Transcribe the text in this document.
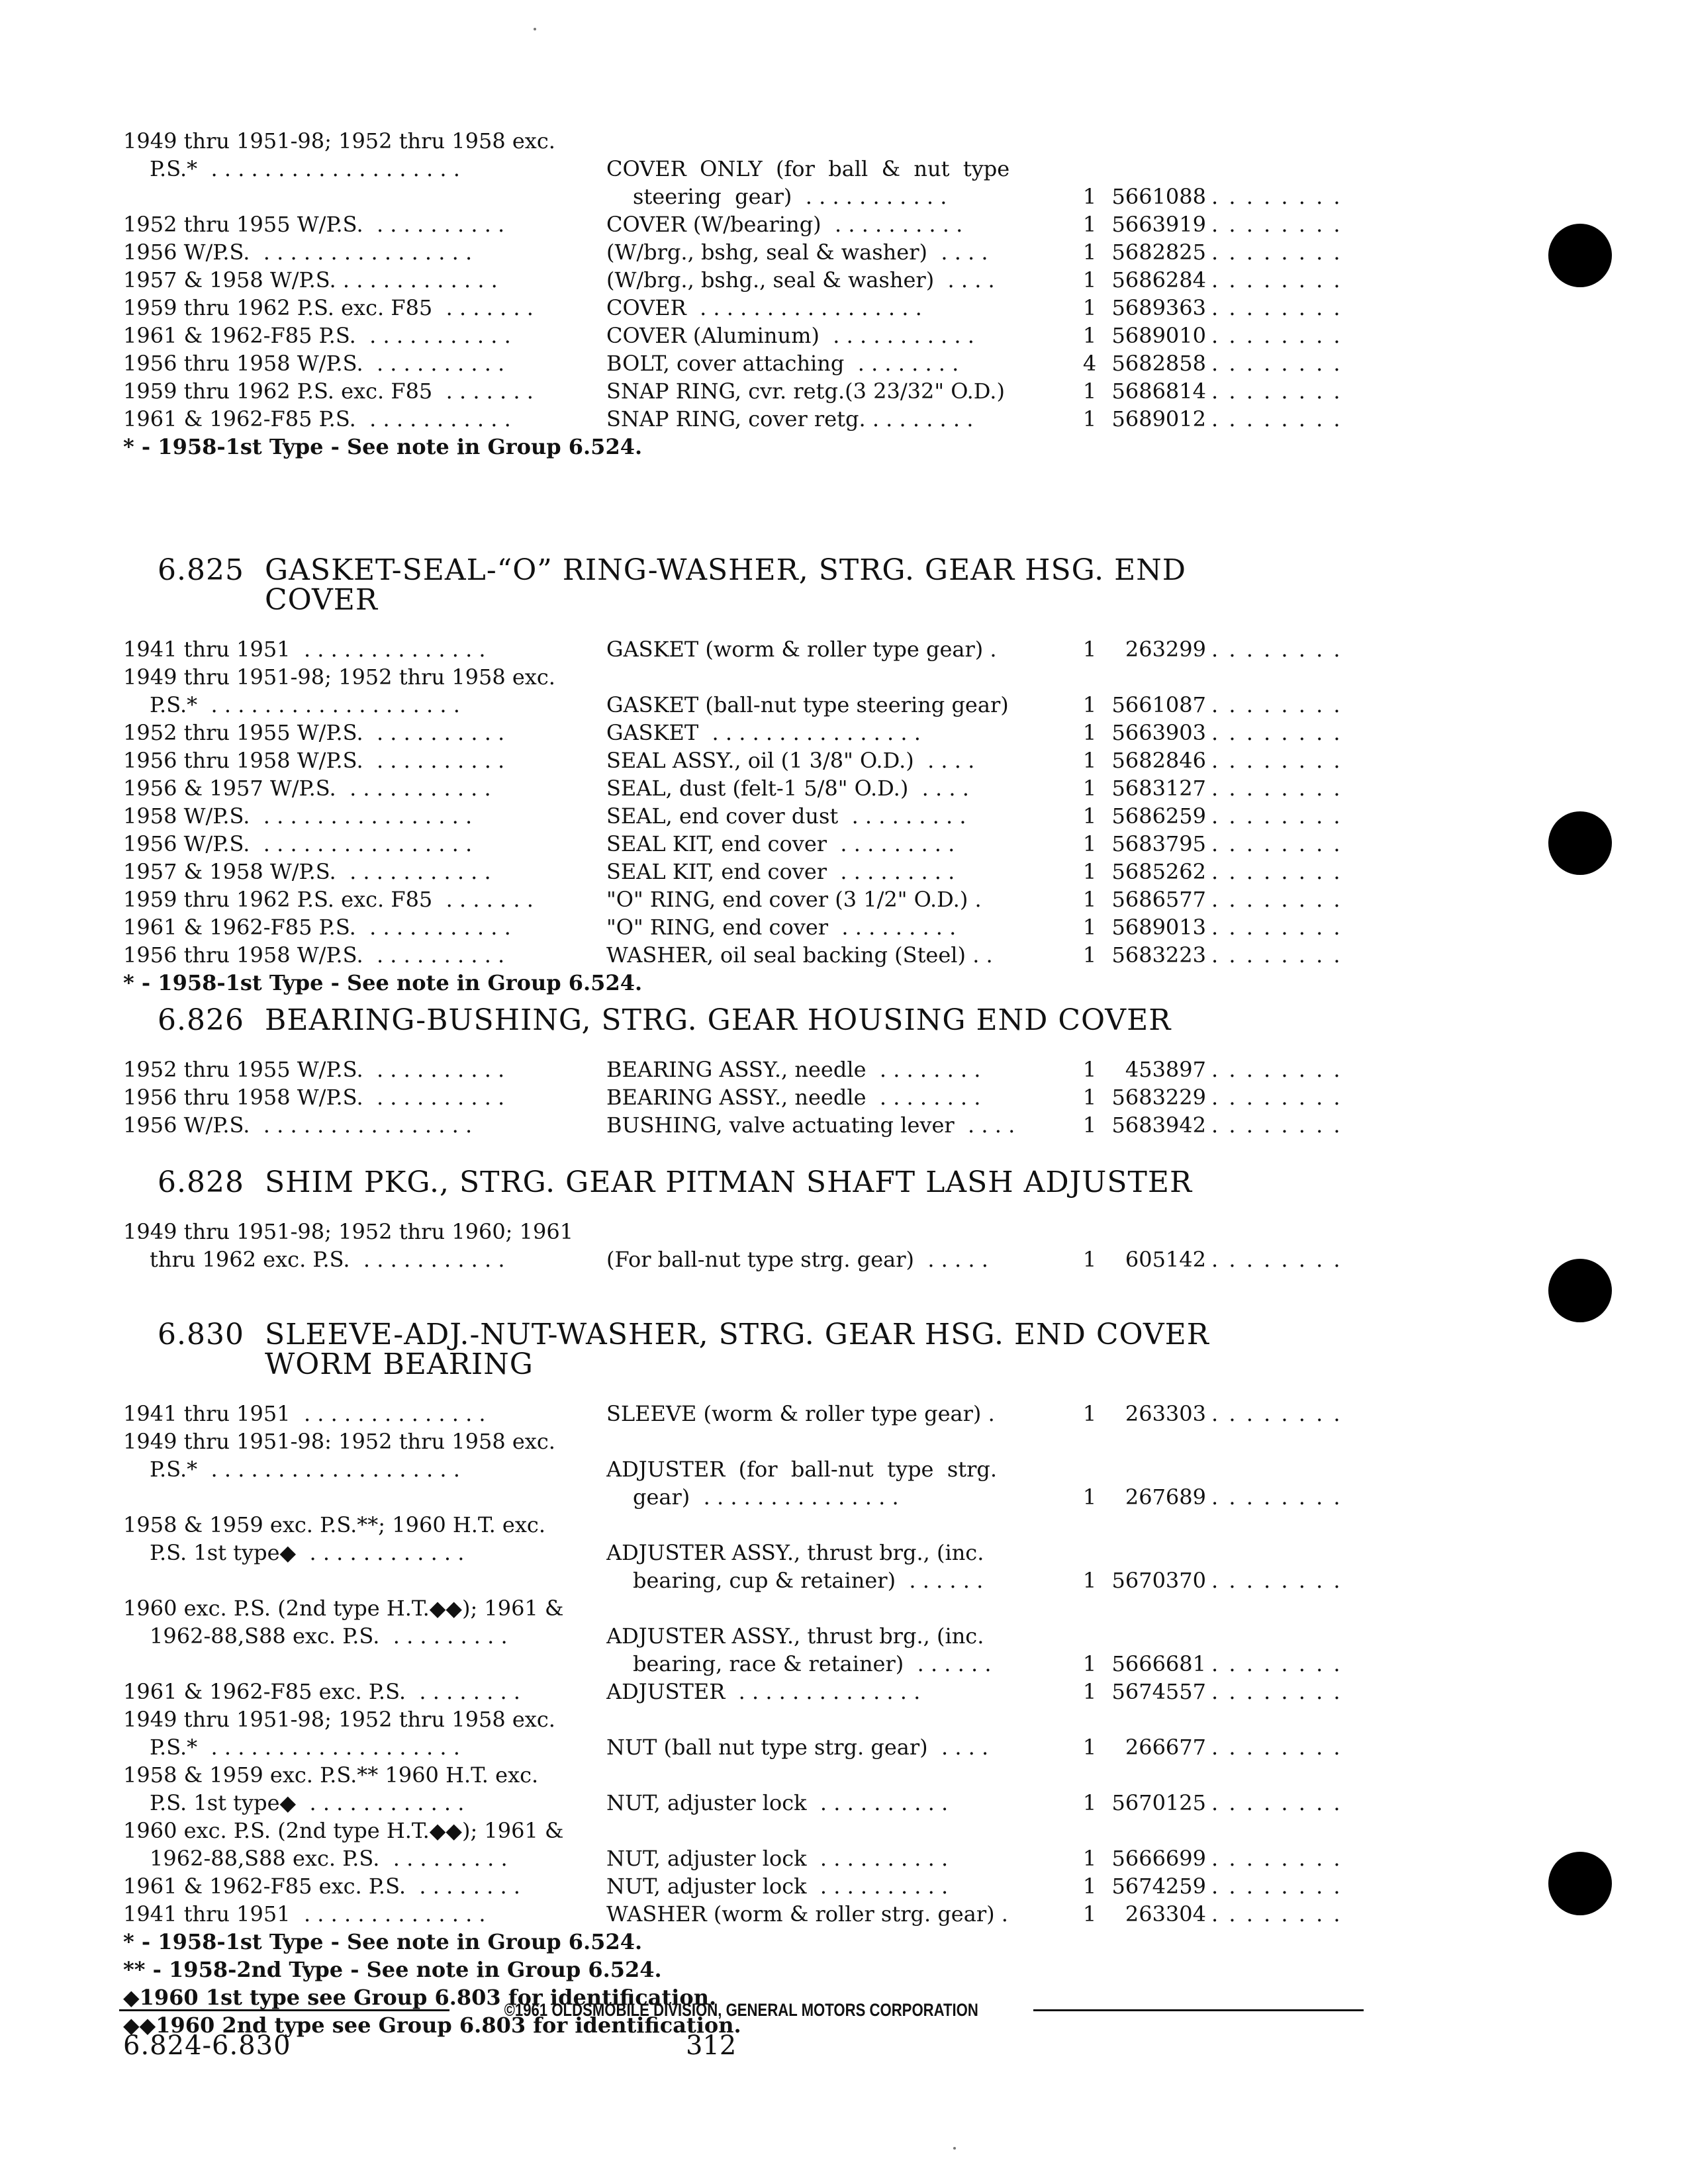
1949 thru 1951-98; 1952 thru 1958 exc.
P.S.*  . . . . . . . . . . . . . . . . . . .	COVER  ONLY  (for  ball  &  nut  type
steering  gear)  . . . . . . . . . . .	1 5661088 . . . . . . . .
1952 thru 1955 W/P.S.  . . . . . . . . . .	COVER (W/bearing)  . . . . . . . . . .	1 5663919 . . . . . . . .
1956 W/P.S.  . . . . . . . . . . . . . . . .	(W/brg., bshg, seal & washer)  . . . .	1 5682825 . . . . . . . .
1957 & 1958 W/P.S. . . . . . . . . . . . .	(W/brg., bshg., seal & washer)  . . . .	1 5686284 . . . . . . . .
1959 thru 1962 P.S. exc. F85  . . . . . . .	COVER  . . . . . . . . . . . . . . . . .	1 5689363 . . . . . . . .
1961 & 1962-F85 P.S.  . . . . . . . . . . .	COVER (Aluminum)  . . . . . . . . . . .	1 5689010 . . . . . . . .
1956 thru 1958 W/P.S.  . . . . . . . . . .	BOLT, cover attaching  . . . . . . . .	4 5682858 . . . . . . . .
1959 thru 1962 P.S. exc. F85  . . . . . . .	SNAP RING, cvr. retg.(3 23/32" O.D.)	1 5686814 . . . . . . . .
1961 & 1962-F85 P.S.  . . . . . . . . . . .	SNAP RING, cover retg. . . . . . . . .	1 5689012 . . . . . . . .
* - 1958-1st Type - See note in Group 6.524.
6.825 GASKET-SEAL-“O” RING-WASHER, STRG. GEAR HSG. END COVER
1941 thru 1951  . . . . . . . . . . . . . .	GASKET (worm & roller type gear) .	1	263299 . . . . . . . .
1949 thru 1951-98; 1952 thru 1958 exc.
P.S.*  . . . . . . . . . . . . . . . . . . .	GASKET (ball-nut type steering gear)	1 5661087 . . . . . . . .
1952 thru 1955 W/P.S.  . . . . . . . . . .	GASKET  . . . . . . . . . . . . . . . .	1 5663903 . . . . . . . .
1956 thru 1958 W/P.S.  . . . . . . . . . .	SEAL ASSY., oil (1 3/8" O.D.)  . . . .	1 5682846 . . . . . . . .
1956 & 1957 W/P.S.  . . . . . . . . . . .	SEAL, dust (felt-1 5/8" O.D.)  . . . .	1 5683127 . . . . . . . .
1958 W/P.S.  . . . . . . . . . . . . . . . .	SEAL, end cover dust  . . . . . . . . .	1 5686259 . . . . . . . .
1956 W/P.S.  . . . . . . . . . . . . . . . .	SEAL KIT, end cover  . . . . . . . . .	1 5683795 . . . . . . . .
1957 & 1958 W/P.S.  . . . . . . . . . . .	SEAL KIT, end cover  . . . . . . . . .	1 5685262 . . . . . . . .
1959 thru 1962 P.S. exc. F85  . . . . . . .	"O" RING, end cover (3 1/2" O.D.) .	1 5686577 . . . . . . . .
1961 & 1962-F85 P.S.  . . . . . . . . . . .	"O" RING, end cover  . . . . . . . . .	1 5689013 . . . . . . . .
1956 thru 1958 W/P.S.  . . . . . . . . . .	WASHER, oil seal backing (Steel) . .	1 5683223 . . . . . . . .
* - 1958-1st Type - See note in Group 6.524.
6.826 BEARING-BUSHING, STRG. GEAR HOUSING END COVER
1952 thru 1955 W/P.S.  . . . . . . . . . .	BEARING ASSY., needle  . . . . . . . .	1	453897 . . . . . . . .
1956 thru 1958 W/P.S.  . . . . . . . . . .	BEARING ASSY., needle  . . . . . . . .	1 5683229 . . . . . . . .
1956 W/P.S.  . . . . . . . . . . . . . . . .	BUSHING, valve actuating lever  . . . .	1 5683942 . . . . . . . .
6.828 SHIM PKG., STRG. GEAR PITMAN SHAFT LASH ADJUSTER
1949 thru 1951-98; 1952 thru 1960; 1961
thru 1962 exc. P.S.  . . . . . . . . . . .	(For ball-nut type strg. gear)  . . . . .	1	605142 . . . . . . . .
6.830 SLEEVE-ADJ.-NUT-WASHER, STRG. GEAR HSG. END COVER WORM BEARING
1941 thru 1951  . . . . . . . . . . . . . .	SLEEVE (worm & roller type gear) .	1	263303 . . . . . . . .
1949 thru 1951-98: 1952 thru 1958 exc.
P.S.*  . . . . . . . . . . . . . . . . . . .	ADJUSTER  (for  ball-nut  type  strg.
gear)  . . . . . . . . . . . . . . .	1	267689 . . . . . . . .
1958 & 1959 exc. P.S.**; 1960 H.T. exc.
P.S. 1st type◆  . . . . . . . . . . . .	ADJUSTER ASSY., thrust brg., (inc.
bearing, cup & retainer)  . . . . . .	1 5670370 . . . . . . . .
1960 exc. P.S. (2nd type H.T.◆◆); 1961 &
1962-88,S88 exc. P.S.  . . . . . . . . .	ADJUSTER ASSY., thrust brg., (inc.
bearing, race & retainer)  . . . . . .	1 5666681 . . . . . . . .
1961 & 1962-F85 exc. P.S.  . . . . . . . .	ADJUSTER  . . . . . . . . . . . . . .	1 5674557 . . . . . . . .
1949 thru 1951-98; 1952 thru 1958 exc.
P.S.*  . . . . . . . . . . . . . . . . . . .	NUT (ball nut type strg. gear)  . . . .	1	266677 . . . . . . . .
1958 & 1959 exc. P.S.** 1960 H.T. exc.
P.S. 1st type◆  . . . . . . . . . . . .	NUT, adjuster lock  . . . . . . . . . .	1 5670125 . . . . . . . .
1960 exc. P.S. (2nd type H.T.◆◆); 1961 &
1962-88,S88 exc. P.S.  . . . . . . . . .	NUT, adjuster lock  . . . . . . . . . .	1 5666699 . . . . . . . .
1961 & 1962-F85 exc. P.S.  . . . . . . . .	NUT, adjuster lock  . . . . . . . . . .	1 5674259 . . . . . . . .
1941 thru 1951  . . . . . . . . . . . . . .	WASHER (worm & roller strg. gear) .	1	263304 . . . . . . . .
* - 1958-1st Type - See note in Group 6.524.
** - 1958-2nd Type - See note in Group 6.524.
◆1960 1st type see Group 6.803 for identification.
◆◆1960 2nd type see Group 6.803 for identification.
©1961 OLDSMOBILE DIVISION, GENERAL MOTORS CORPORATION
6.824-6.830	312
